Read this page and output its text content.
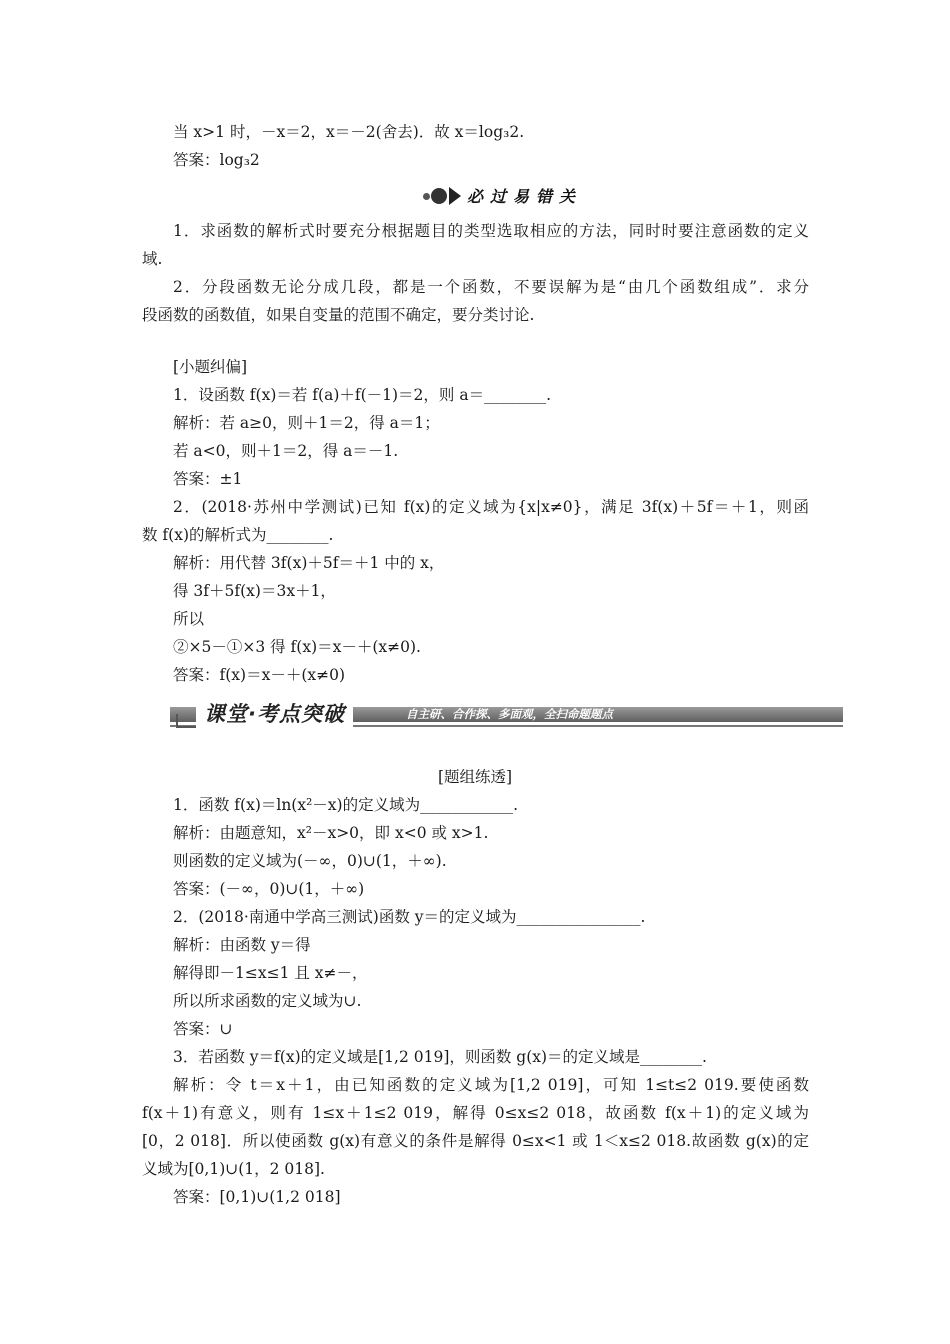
当 x>1 时，－x＝2，x＝－2(舍去)．故 x＝log₃2.
答案：log₃2
必过易错关
1．求函数的解析式时要充分根据题目的类型选取相应的方法，同时时要注意函数的定义
域.
2．分段函数无论分成几段，都是一个函数，不要误解为是“由几个函数组成”．求分
段函数的函数值，如果自变量的范围不确定，要分类讨论.
[小题纠偏]
1．设函数 f(x)＝若 f(a)＋f(－1)＝2，则 a＝________.
解析：若 a≥0，则＋1＝2，得 a＝1；
若 a<0，则＋1＝2，得 a＝－1.
答案：±1
2．(2018·苏州中学测试)已知 f(x)的定义域为{x|x≠0}，满足 3f(x)＋5f＝＋1，则函
数 f(x)的解析式为________.
解析：用代替 3f(x)＋5f＝＋1 中的 x，
得 3f＋5f(x)＝3x＋1，
所以
②×5－①×3 得 f(x)＝x－＋(x≠0).
答案：f(x)＝x－＋(x≠0)
课堂·考点突破	自主研、合作探、多面观，全扫命题题点
[题组练透]
1．函数 f(x)＝ln(x²－x)的定义域为____________.
解析：由题意知，x²－x>0，即 x<0 或 x>1.
则函数的定义域为(－∞，0)∪(1，＋∞).
答案：(－∞，0)∪(1，＋∞)
2．(2018·南通中学高三测试)函数 y＝的定义域为________________.
解析：由函数 y＝得
解得即－1≤x≤1 且 x≠－，
所以所求函数的定义域为∪.
答案：∪
3．若函数 y＝f(x)的定义域是[1,2 019]，则函数 g(x)＝的定义域是________.
解析：令 t＝x＋1，由已知函数的定义域为[1,2 019]，可知 1≤t≤2 019.要使函数
f(x＋1)有意义，则有 1≤x＋1≤2 019，解得 0≤x≤2 018，故函数 f(x＋1)的定义域为
[0，2 018]．所以使函数 g(x)有意义的条件是解得 0≤x<1 或 1＜x≤2 018.故函数 g(x)的定
义域为[0,1)∪(1，2 018].
答案：[0,1)∪(1,2 018]
